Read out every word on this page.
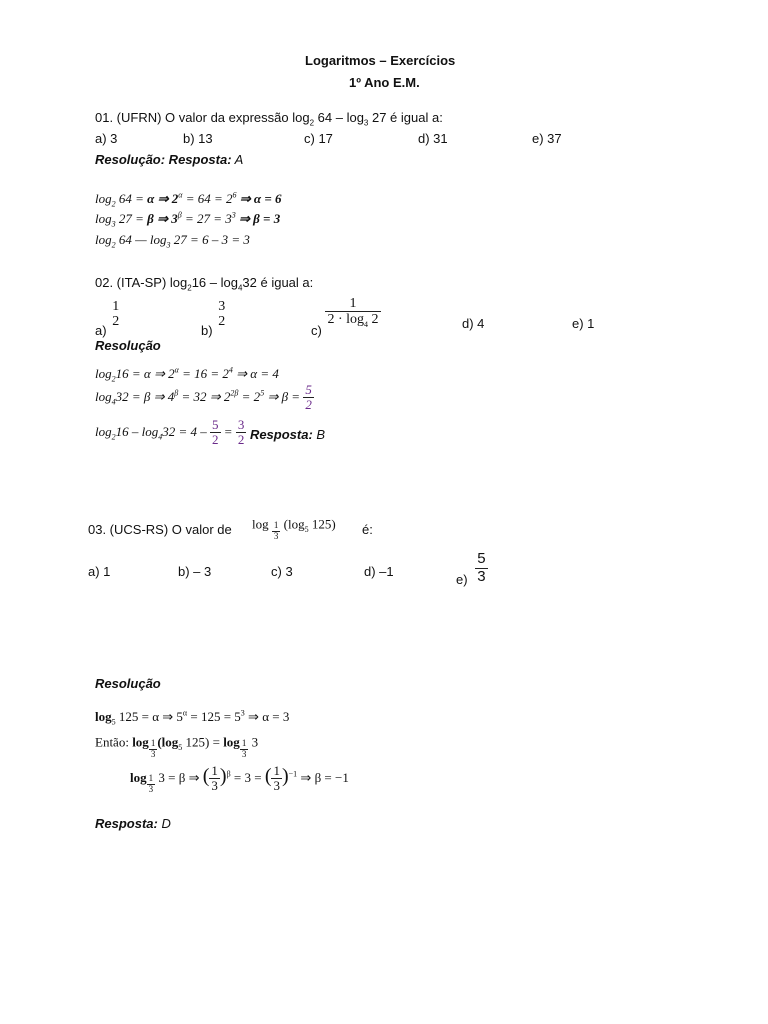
Logaritmos – Exercícios
1º Ano E.M.
01. (UFRN) O valor da expressão $\log_2 64 - \log_3 27$ é igual a:
a) 3	b) 13	c) 17	d) 31	e) 37
Resolução: Resposta: A
$\log_2 64 = \alpha$ ⇒ $2^\alpha = 64 = 2^6$ ⇒ α = 6
$\log_3 27 = \beta$ ⇒ $3^\beta = 27 = 3^3$ ⇒ β = 3
$\log_2 64$ — $\log_3 27 = 6 - 3 = 3$
02. (ITA-SP) $\log_216 - \log_432$ é igual a:
a)
1
2
b)
3
2
c)
$\frac{1}{2 \cdot \log_4 2}$	d) 4	e) 1
Resolução
$\log_216 = \alpha$ ⇒ $2^\alpha = 16 = 2^4$ ⇒ α = 4
$\log_432 = \beta$ ⇒ $4^\beta = 32$ ⇒ $2^{2\beta} = 2^5$ ⇒ $\beta = \frac{5}{2}$
$\log_216 - \log_432 = 4 - \frac{5}{2} = \frac{3}{2}$ Resposta: B
03. (UCS-RS) O valor de $\log \frac{1}{3} (\log_5$ 125) é:
a) 1	b) – 3	c) 3	d) –1
$e) \frac{5}{3}$
Resolução
$\log_5 125 = \alpha$ ⇒ $5^\alpha = 125 = 5^3$ ⇒ α = 3
Então: $\log \frac{1}{3} (\log_5$ $125) = \log \frac{1}{3} 3$
$\log \frac{1}{3} 3 = \beta$ ⇒ ( $\frac{1}{3} )^\beta = 3$ = ( $\frac{1}{3} )^{-1}$ ⇒ β = −1
Resposta: D
